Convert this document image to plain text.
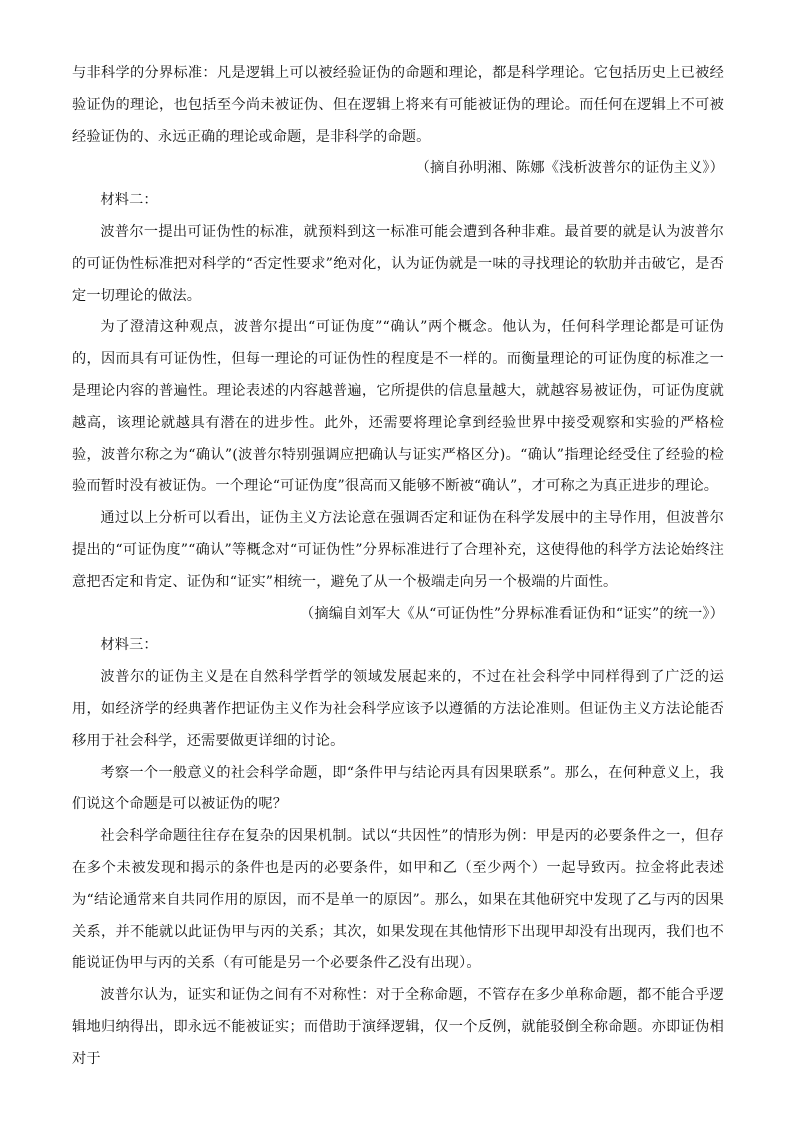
与非科学的分界标准：凡是逻辑上可以被经验证伪的命题和理论，都是科学理论。它包括历史上已被经验证伪的理论，也包括至今尚未被证伪、但在逻辑上将来有可能被证伪的理论。而任何在逻辑上不可被经验证伪的、永远正确的理论或命题，是非科学的命题。

（摘自孙明湘、陈娜《浅析波普尔的证伪主义》）

材料二：

波普尔一提出可证伪性的标准，就预料到这一标准可能会遭到各种非难。最首要的就是认为波普尔的可证伪性标准把对科学的“否定性要求”绝对化，认为证伪就是一味的寻找理论的软肋并击破它，是否定一切理论的做法。

为了澄清这种观点，波普尔提出“可证伪度”“确认”两个概念。他认为，任何科学理论都是可证伪的，因而具有可证伪性，但每一理论的可证伪性的程度是不一样的。而衡量理论的可证伪度的标准之一是理论内容的普遍性。理论表述的内容越普遍，它所提供的信息量越大，就越容易被证伪，可证伪度就越高，该理论就越具有潜在的进步性。此外，还需要将理论拿到经验世界中接受观察和实验的严格检验，波普尔称之为“确认”(波普尔特别强调应把确认与证实严格区分)。“确认”指理论经受住了经验的检验而暂时没有被证伪。一个理论“可证伪度”很高而又能够不断被“确认”，才可称之为真正进步的理论。

通过以上分析可以看出，证伪主义方法论意在强调否定和证伪在科学发展中的主导作用，但波普尔提出的“可证伪度”“确认”等概念对“可证伪性”分界标准进行了合理补充，这使得他的科学方法论始终注意把否定和肯定、证伪和“证实”相统一，避免了从一个极端走向另一个极端的片面性。

（摘编自刘军大《从“可证伪性”分界标准看证伪和“证实”的统一》）

材料三：

波普尔的证伪主义是在自然科学哲学的领域发展起来的，不过在社会科学中同样得到了广泛的运用，如经济学的经典著作把证伪主义作为社会科学应该予以遵循的方法论准则。但证伪主义方法论能否移用于社会科学，还需要做更详细的讨论。

考察一个一般意义的社会科学命题，即“条件甲与结论丙具有因果联系”。那么，在何种意义上，我们说这个命题是可以被证伪的呢？

社会科学命题往往存在复杂的因果机制。试以“共因性”的情形为例：甲是丙的必要条件之一，但存在多个未被发现和揭示的条件也是丙的必要条件，如甲和乙（至少两个）一起导致丙。拉金将此表述为“结论通常来自共同作用的原因，而不是单一的原因”。那么，如果在其他研究中发现了乙与丙的因果关系，并不能就以此证伪甲与丙的关系；其次，如果发现在其他情形下出现甲却没有出现丙，我们也不能说证伪甲与丙的关系（有可能是另一个必要条件乙没有出现）。

波普尔认为，证实和证伪之间有不对称性：对于全称命题，不管存在多少单称命题，都不能合乎逻辑地归纳得出，即永远不能被证实；而借助于演绎逻辑，仅一个反例，就能驳倒全称命题。亦即证伪相对于
